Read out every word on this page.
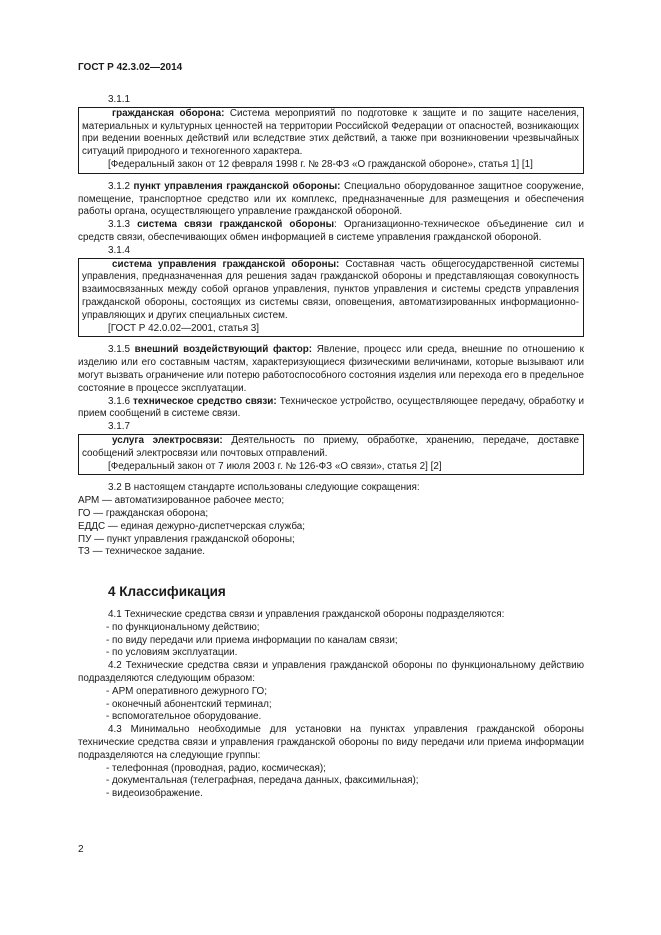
ГОСТ Р 42.3.02—2014

3.1.1

гражданская оборона: Система мероприятий по подготовке к защите и по защите населения, материальных и культурных ценностей на территории Российской Федерации от опасностей, возникающих при ведении военных действий или вследствие этих действий, а также при возникновении чрезвычайных ситуаций природного и техногенного характера.

[Федеральный закон от 12 февраля 1998 г. № 28-ФЗ «О гражданской обороне», статья 1] [1]

3.1.2 пункт управления гражданской обороны: Специально оборудованное защитное сооружение, помещение, транспортное средство или их комплекс, предназначенные для размещения и обеспечения работы органа, осуществляющего управление гражданской обороной.

3.1.3 система связи гражданской обороны: Организационно-техническое объединение сил и средств связи, обеспечивающих обмен информацией в системе управления гражданской обороной.

3.1.4

система управления гражданской обороны: Составная часть общегосударственной системы управления, предназначенная для решения задач гражданской обороны и представляющая совокупность взаимосвязанных между собой органов управления, пунктов управления и системы средств управления гражданской обороны, состоящих из системы связи, оповещения, автоматизированных информационно-управляющих и других специальных систем.

[ГОСТ Р 42.0.02—2001, статья 3]

3.1.5 внешний воздействующий фактор: Явление, процесс или среда, внешние по отношению к изделию или его составным частям, характеризующиеся физическими величинами, которые вызывают или могут вызвать ограничение или потерю работоспособного состояния изделия или перехода его в предельное состояние в процессе эксплуатации.

3.1.6 техническое средство связи: Техническое устройство, осуществляющее передачу, обработку и прием сообщений в системе связи.

3.1.7

услуга электросвязи: Деятельность по приему, обработке, хранению, передаче, доставке сообщений электросвязи или почтовых отправлений.

[Федеральный закон от 7 июля 2003 г. № 126-ФЗ «О связи», статья 2] [2]

3.2 В настоящем стандарте использованы следующие сокращения:

АРМ — автоматизированное рабочее место;

ГО — гражданская оборона;

ЕДДС — единая дежурно-диспетчерская служба;

ПУ — пункт управления гражданской обороны;

ТЗ — техническое задание.

4 Классификация

4.1 Технические средства связи и управления гражданской обороны подразделяются:

- по функциональному действию;

- по виду передачи или приема информации по каналам связи;

- по условиям эксплуатации.

4.2 Технические средства связи и управления гражданской обороны по функциональному действию подразделяются следующим образом:

- АРМ оперативного дежурного ГО;

- оконечный абонентский терминал;

- вспомогательное оборудование.

4.3 Минимально необходимые для установки на пунктах управления гражданской обороны технические средства связи и управления гражданской обороны по виду передачи или приема информации подразделяются на следующие группы:

- телефонная (проводная, радио, космическая);

- документальная (телеграфная, передача данных, факсимильная);

- видеоизображение.

2
